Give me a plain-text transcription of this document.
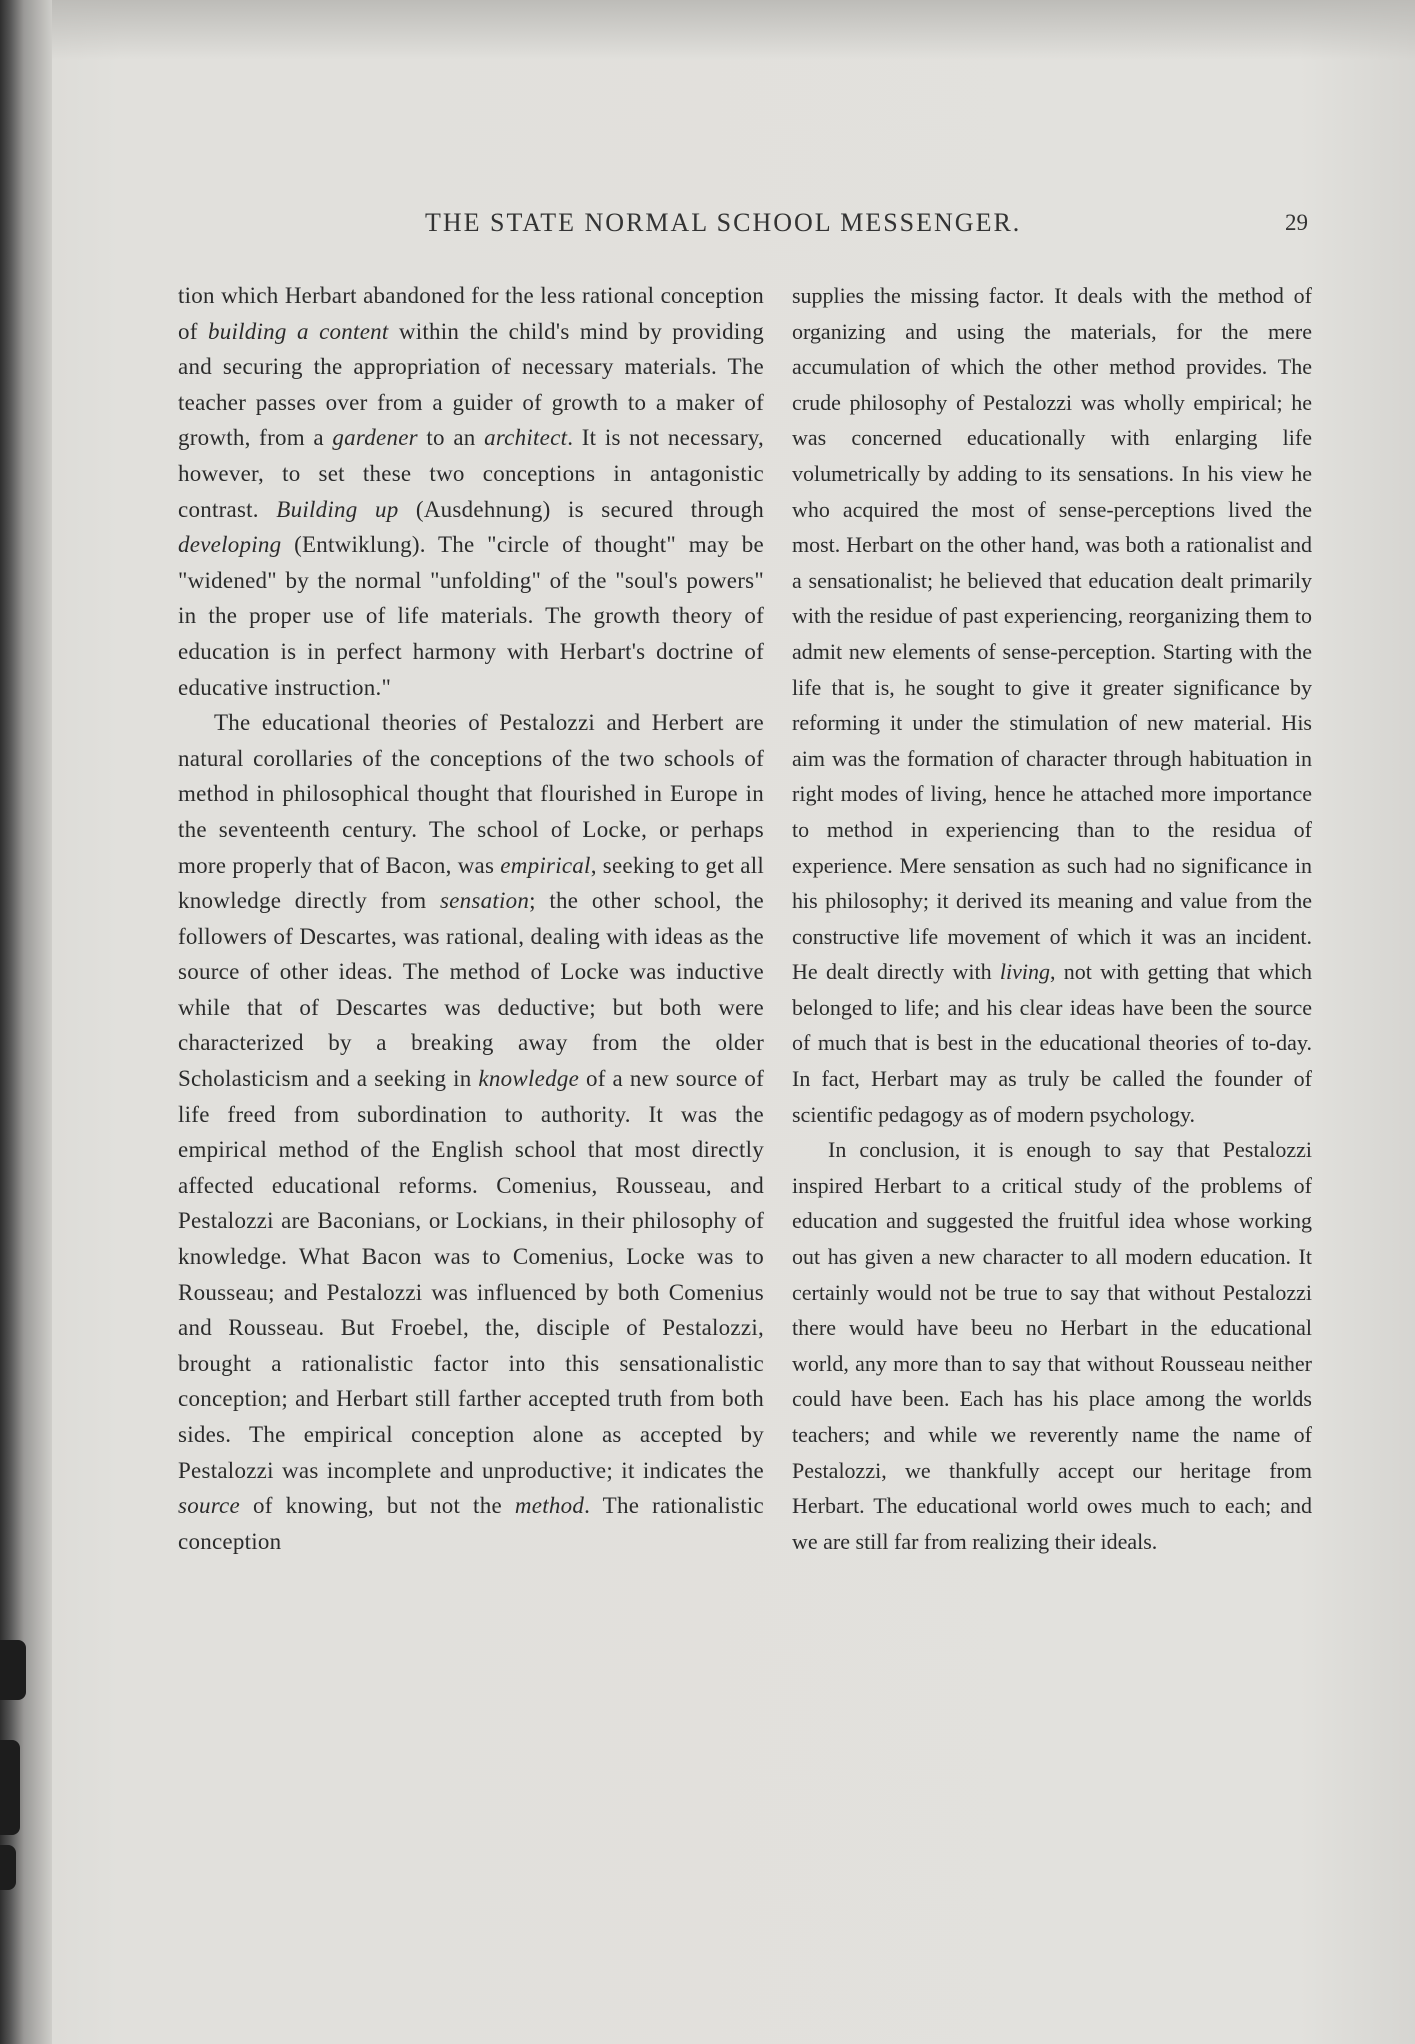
THE STATE NORMAL SCHOOL MESSENGER.	29

tion which Herbart abandoned for the less rational conception of building a content within the child's mind by providing and securing the appropriation of necessary materials. The teacher passes over from a guider of growth to a maker of growth, from a gardener to an architect. It is not necessary, however, to set these two conceptions in antagonistic contrast. Building up (Ausdehnung) is secured through developing (Entwiklung). The "circle of thought" may be "widened" by the normal "unfolding" of the "soul's powers" in the proper use of life materials. The growth theory of education is in perfect harmony with Herbart's doctrine of educative instruction."

The educational theories of Pestalozzi and Herbert are natural corollaries of the conceptions of the two schools of method in philosophical thought that flourished in Europe in the seventeenth century. The school of Locke, or perhaps more properly that of Bacon, was empirical, seeking to get all knowledge directly from sensation; the other school, the followers of Descartes, was rational, dealing with ideas as the source of other ideas. The method of Locke was inductive while that of Descartes was deductive; but both were characterized by a breaking away from the older Scholasticism and a seeking in knowledge of a new source of life freed from subordination to authority. It was the empirical method of the English school that most directly affected educational reforms. Comenius, Rousseau, and Pestalozzi are Baconians, or Lockians, in their philosophy of knowledge. What Bacon was to Comenius, Locke was to Rousseau; and Pestalozzi was influenced by both Comenius and Rousseau. But Froebel, the, disciple of Pestalozzi, brought a rationalistic factor into this sensationalistic conception; and Herbart still farther accepted truth from both sides. The empirical conception alone as accepted by Pestalozzi was incomplete and unproductive; it indicates the source of knowing, but not the method. The rationalistic conception

supplies the missing factor. It deals with the method of organizing and using the materials, for the mere accumulation of which the other method provides. The crude philosophy of Pestalozzi was wholly empirical; he was concerned educationally with enlarging life volumetrically by adding to its sensations. In his view he who acquired the most of sense-perceptions lived the most. Herbart on the other hand, was both a rationalist and a sensationalist; he believed that education dealt primarily with the residue of past experiencing, reorganizing them to admit new elements of sense-perception. Starting with the life that is, he sought to give it greater significance by reforming it under the stimulation of new material. His aim was the formation of character through habituation in right modes of living, hence he attached more importance to method in experiencing than to the residua of experience. Mere sensation as such had no significance in his philosophy; it derived its meaning and value from the constructive life movement of which it was an incident. He dealt directly with living, not with getting that which belonged to life; and his clear ideas have been the source of much that is best in the educational theories of to-day. In fact, Herbart may as truly be called the founder of scientific pedagogy as of modern psychology.

In conclusion, it is enough to say that Pestalozzi inspired Herbart to a critical study of the problems of education and suggested the fruitful idea whose working out has given a new character to all modern education. It certainly would not be true to say that without Pestalozzi there would have beeu no Herbart in the educational world, any more than to say that without Rousseau neither could have been. Each has his place among the worlds teachers; and while we reverently name the name of Pestalozzi, we thankfully accept our heritage from Herbart. The educational world owes much to each; and we are still far from realizing their ideals.
